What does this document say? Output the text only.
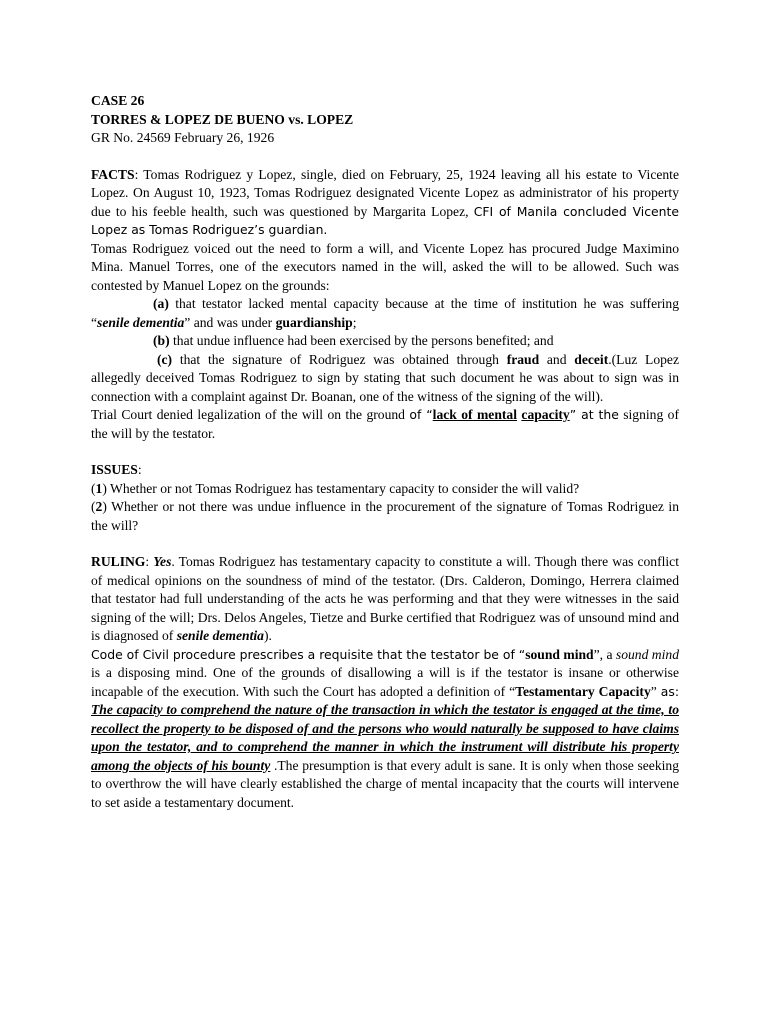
CASE 26

TORRES & LOPEZ DE BUENO vs. LOPEZ

GR No. 24569 February 26, 1926

FACTS: Tomas Rodriguez y Lopez, single, died on February, 25, 1924 leaving all his estate to Vicente Lopez. On August 10, 1923, Tomas Rodriguez designated Vicente Lopez as administrator of his property due to his feeble health, such was questioned by Margarita Lopez, CFI of Manila concluded Vicente Lopez as Tomas Rodriguez’s guardian.

Tomas Rodriguez voiced out the need to form a will, and Vicente Lopez has procured Judge Maximino Mina. Manuel Torres, one of the executors named in the will, asked the will to be allowed. Such was contested by Manuel Lopez on the grounds:

(a) that testator lacked mental capacity because at the time of institution he was suffering “senile dementia” and was under guardianship;

(b) that undue influence had been exercised by the persons benefited; and

(c) that the signature of Rodriguez was obtained through fraud and deceit.(Luz Lopez allegedly deceived Tomas Rodriguez to sign by stating that such document he was about to sign was in connection with a complaint against Dr. Boanan, one of the witness of the signing of the will).

Trial Court denied legalization of the will on the ground of “lack of mental capacity” at the signing of the will by the testator.

ISSUES:

(1) Whether or not Tomas Rodriguez has testamentary capacity to consider the will valid?

(2) Whether or not there was undue influence in the procurement of the signature of Tomas Rodriguez in the will?

RULING: Yes. Tomas Rodriguez has testamentary capacity to constitute a will. Though there was conflict of medical opinions on the soundness of mind of the testator. (Drs. Calderon, Domingo, Herrera claimed that testator had full understanding of the acts he was performing and that they were witnesses in the said signing of the will; Drs. Delos Angeles, Tietze and Burke certified that Rodriguez was of unsound mind and is diagnosed of senile dementia).

Code of Civil procedure prescribes a requisite that the testator be of “sound mind”, a sound mind is a disposing mind. One of the grounds of disallowing a will is if the testator is insane or otherwise incapable of the execution. With such the Court has adopted a definition of “Testamentary Capacity” as: The capacity to comprehend the nature of the transaction in which the testator is engaged at the time, to recollect the property to be disposed of and the persons who would naturally be supposed to have claims upon the testator, and to comprehend the manner in which the instrument will distribute his property among the objects of his bounty .The presumption is that every adult is sane. It is only when those seeking to overthrow the will have clearly established the charge of mental incapacity that the courts will intervene to set aside a testamentary document.
